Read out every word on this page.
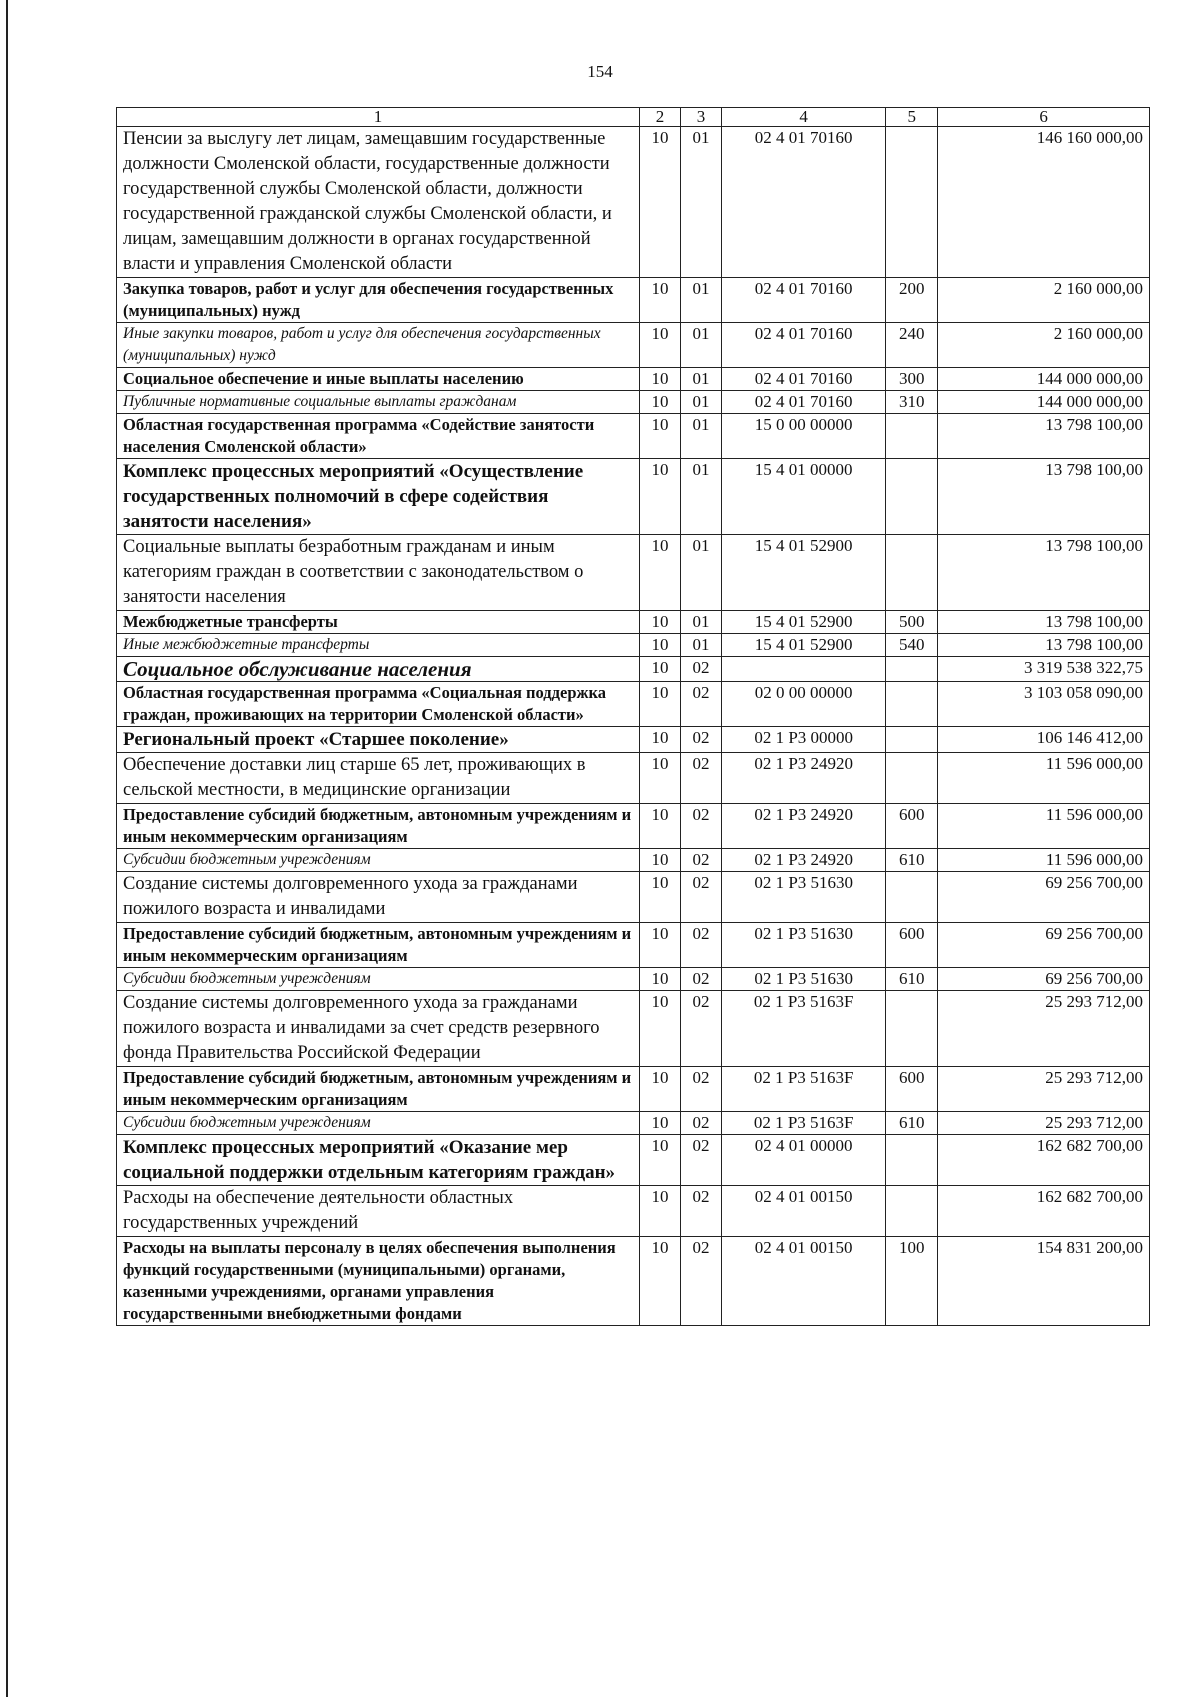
154
1	2	3	4	5	6
Пенсии за выслугу лет лицам, замещавшим государственные должности Смоленской области, государственные должности государственной службы Смоленской области, должности государственной гражданской службы Смоленской области, и лицам, замещавшим должности в органах государственной власти и управления Смоленской области	10	01	02 4 01 70160		146 160 000,00
Закупка товаров, работ и услуг для обеспечения государственных (муниципальных) нужд	10	01	02 4 01 70160	200	2 160 000,00
Иные закупки товаров, работ и услуг для обеспечения государственных (муниципальных) нужд	10	01	02 4 01 70160	240	2 160 000,00
Социальное обеспечение и иные выплаты населению	10	01	02 4 01 70160	300	144 000 000,00
Публичные нормативные социальные выплаты гражданам	10	01	02 4 01 70160	310	144 000 000,00
Областная государственная программа «Содействие занятости населения Смоленской области»	10	01	15 0 00 00000		13 798 100,00
Комплекс процессных мероприятий «Осуществление государственных полномочий в сфере содействия занятости населения»	10	01	15 4 01 00000		13 798 100,00
Социальные выплаты безработным гражданам и иным категориям граждан в соответствии с законодательством о занятости населения	10	01	15 4 01 52900		13 798 100,00
Межбюджетные трансферты	10	01	15 4 01 52900	500	13 798 100,00
Иные межбюджетные трансферты	10	01	15 4 01 52900	540	13 798 100,00
Социальное обслуживание населения	10	02			3 319 538 322,75
Областная государственная программа «Социальная поддержка граждан, проживающих на территории Смоленской области»	10	02	02 0 00 00000		3 103 058 090,00
Региональный проект «Старшее поколение»	10	02	02 1 Р3 00000		106 146 412,00
Обеспечение доставки лиц старше 65 лет, проживающих в сельской местности, в медицинские организации	10	02	02 1 Р3 24920		11 596 000,00
Предоставление субсидий бюджетным, автономным учреждениям и иным некоммерческим организациям	10	02	02 1 Р3 24920	600	11 596 000,00
Субсидии бюджетным учреждениям	10	02	02 1 Р3 24920	610	11 596 000,00
Создание системы долговременного ухода за гражданами пожилого возраста и инвалидами	10	02	02 1 Р3 51630		69 256 700,00
Предоставление субсидий бюджетным, автономным учреждениям и иным некоммерческим организациям	10	02	02 1 Р3 51630	600	69 256 700,00
Субсидии бюджетным учреждениям	10	02	02 1 Р3 51630	610	69 256 700,00
Создание системы долговременного ухода за гражданами пожилого возраста и инвалидами за счет средств резервного фонда Правительства Российской Федерации	10	02	02 1 Р3 5163F		25 293 712,00
Предоставление субсидий бюджетным, автономным учреждениям и иным некоммерческим организациям	10	02	02 1 Р3 5163F	600	25 293 712,00
Субсидии бюджетным учреждениям	10	02	02 1 Р3 5163F	610	25 293 712,00
Комплекс процессных мероприятий «Оказание мер социальной поддержки отдельным категориям граждан»	10	02	02 4 01 00000		162 682 700,00
Расходы на обеспечение деятельности областных государственных учреждений	10	02	02 4 01 00150		162 682 700,00
Расходы на выплаты персоналу в целях обеспечения выполнения функций государственными (муниципальными) органами, казенными учреждениями, органами управления государственными внебюджетными фондами	10	02	02 4 01 00150	100	154 831 200,00
